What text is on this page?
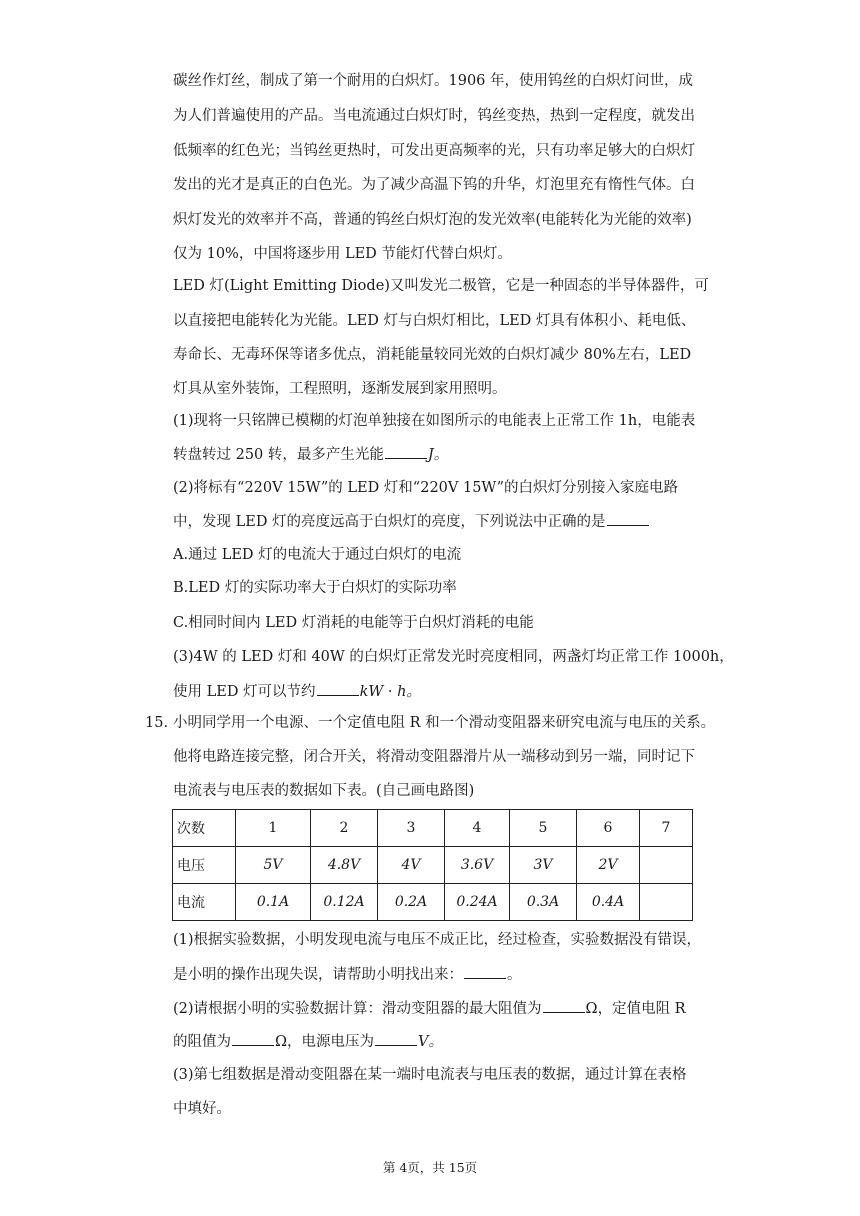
碳丝作灯丝，制成了第一个耐用的白炽灯。1906 年，使用钨丝的白炽灯问世，成
为人们普遍使用的产品。当电流通过白炽灯时，钨丝变热，热到一定程度，就发出
低频率的红色光；当钨丝更热时，可发出更高频率的光，只有功率足够大的白炽灯
发出的光才是真正的白色光。为了减少高温下钨的升华，灯泡里充有惰性气体。白
炽灯发光的效率并不高，普通的钨丝白炽灯泡的发光效率(电能转化为光能的效率)
仅为 10%，中国将逐步用 LED 节能灯代替白炽灯。
LED 灯(Light Emitting Diode)又叫发光二极管，它是一种固态的半导体器件，可
以直接把电能转化为光能。LED 灯与白炽灯相比，LED 灯具有体积小、耗电低、
寿命长、无毒环保等诸多优点，消耗能量较同光效的白炽灯减少 80%左右，LED
灯具从室外装饰，工程照明，逐渐发展到家用照明。
(1)现将一只铭牌已模糊的灯泡单独接在如图所示的电能表上正常工作 1h，电能表
转盘转过 250 转，最多产生光能	J。
(2)将标有“220V 15W”的 LED 灯和“220V 15W”的白炽灯分别接入家庭电路
中，发现 LED 灯的亮度远高于白炽灯的亮度，下列说法中正确的是
A.通过 LED 灯的电流大于通过白炽灯的电流
B.LED 灯的实际功率大于白炽灯的实际功率
C.相同时间内 LED 灯消耗的电能等于白炽灯消耗的电能
(3)4W 的 LED 灯和 40W 的白炽灯正常发光时亮度相同，两盏灯均正常工作 1000h，
使用 LED 灯可以节约	kW · h。
15. 小明同学用一个电源、一个定值电阻 R 和一个滑动变阻器来研究电流与电压的关系。
他将电路连接完整，闭合开关，将滑动变阻器滑片从一端移动到另一端，同时记下
电流表与电压表的数据如下表。(自己画电路图)
次数	1	2	3	4	5	6	7
电压	5V	4.8V	4V	3.6V	3V	2V	
电流	0.1A	0.12A	0.2A	0.24A	0.3A	0.4A	
(1)根据实验数据，小明发现电流与电压不成正比，经过检查，实验数据没有错误，
是小明的操作出现失误，请帮助小明找出来：	。
(2)请根据小明的实验数据计算：滑动变阻器的最大阻值为	Ω，定值电阻 R
的阻值为	Ω，电源电压为	V。
(3)第七组数据是滑动变阻器在某一端时电流表与电压表的数据，通过计算在表格
中填好。
第 4页，共 15页
